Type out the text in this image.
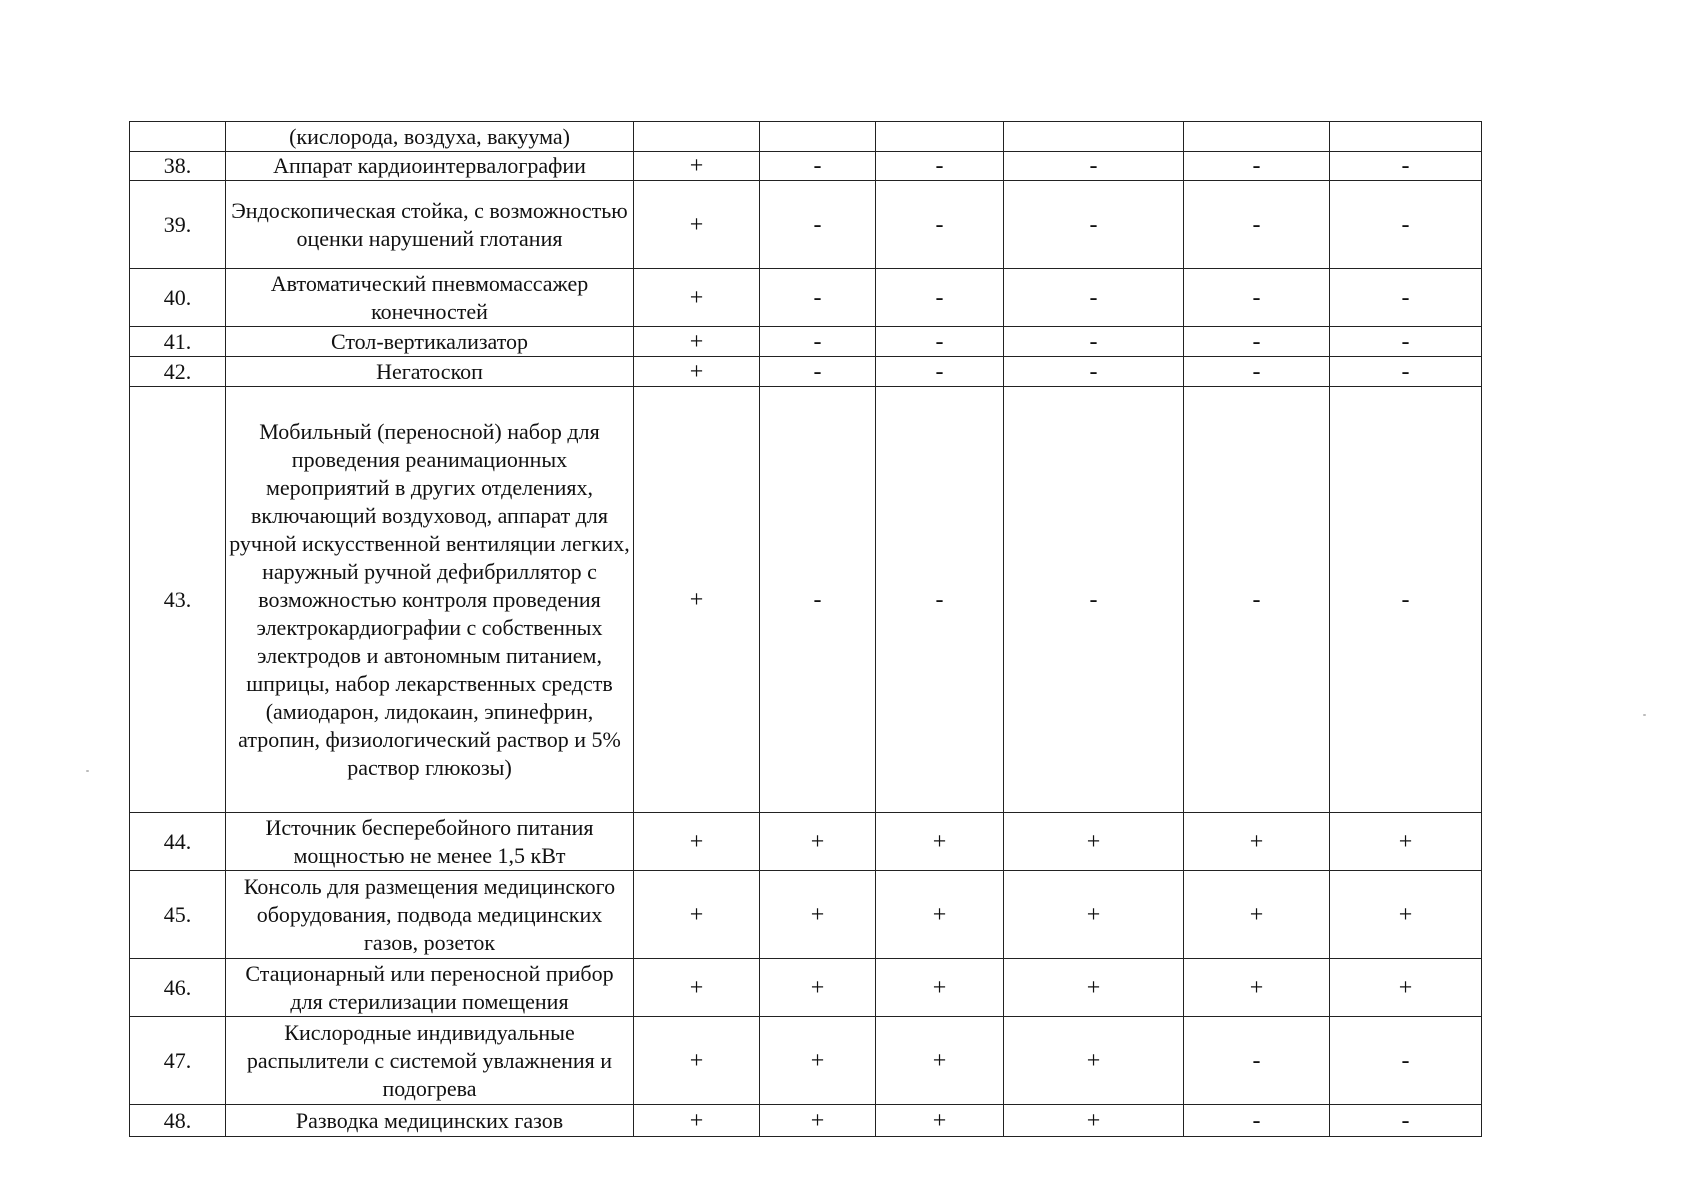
	(кислорода, воздуха, вакуума)						
38.	Аппарат кардиоинтервалографии	+	-	-	-	-	-
39.	Эндоскопическая стойка, с возможностью оценки нарушений глотания	+	-	-	-	-	-
40.	Автоматический пневмомассажер конечностей	+	-	-	-	-	-
41.	Стол-вертикализатор	+	-	-	-	-	-
42.	Негатоскоп	+	-	-	-	-	-
43.	Мобильный (переносной) набор для проведения реанимационных мероприятий в других отделениях, включающий воздуховод, аппарат для ручной искусственной вентиляции легких, наружный ручной дефибриллятор с возможностью контроля проведения электрокардиографии с собственных электродов и автономным питанием, шприцы, набор лекарственных средств (амиодарон, лидокаин, эпинефрин, атропин, физиологический раствор и 5% раствор глюкозы)	+	-	-	-	-	-
44.	Источник бесперебойного питания мощностью не менее 1,5 кВт	+	+	+	+	+	+
45.	Консоль для размещения медицинского оборудования, подвода медицинских газов, розеток	+	+	+	+	+	+
46.	Стационарный или переносной прибор для стерилизации помещения	+	+	+	+	+	+
47.	Кислородные индивидуальные распылители с системой увлажнения и подогрева	+	+	+	+	-	-
48.	Разводка медицинских газов	+	+	+	+	-	-
